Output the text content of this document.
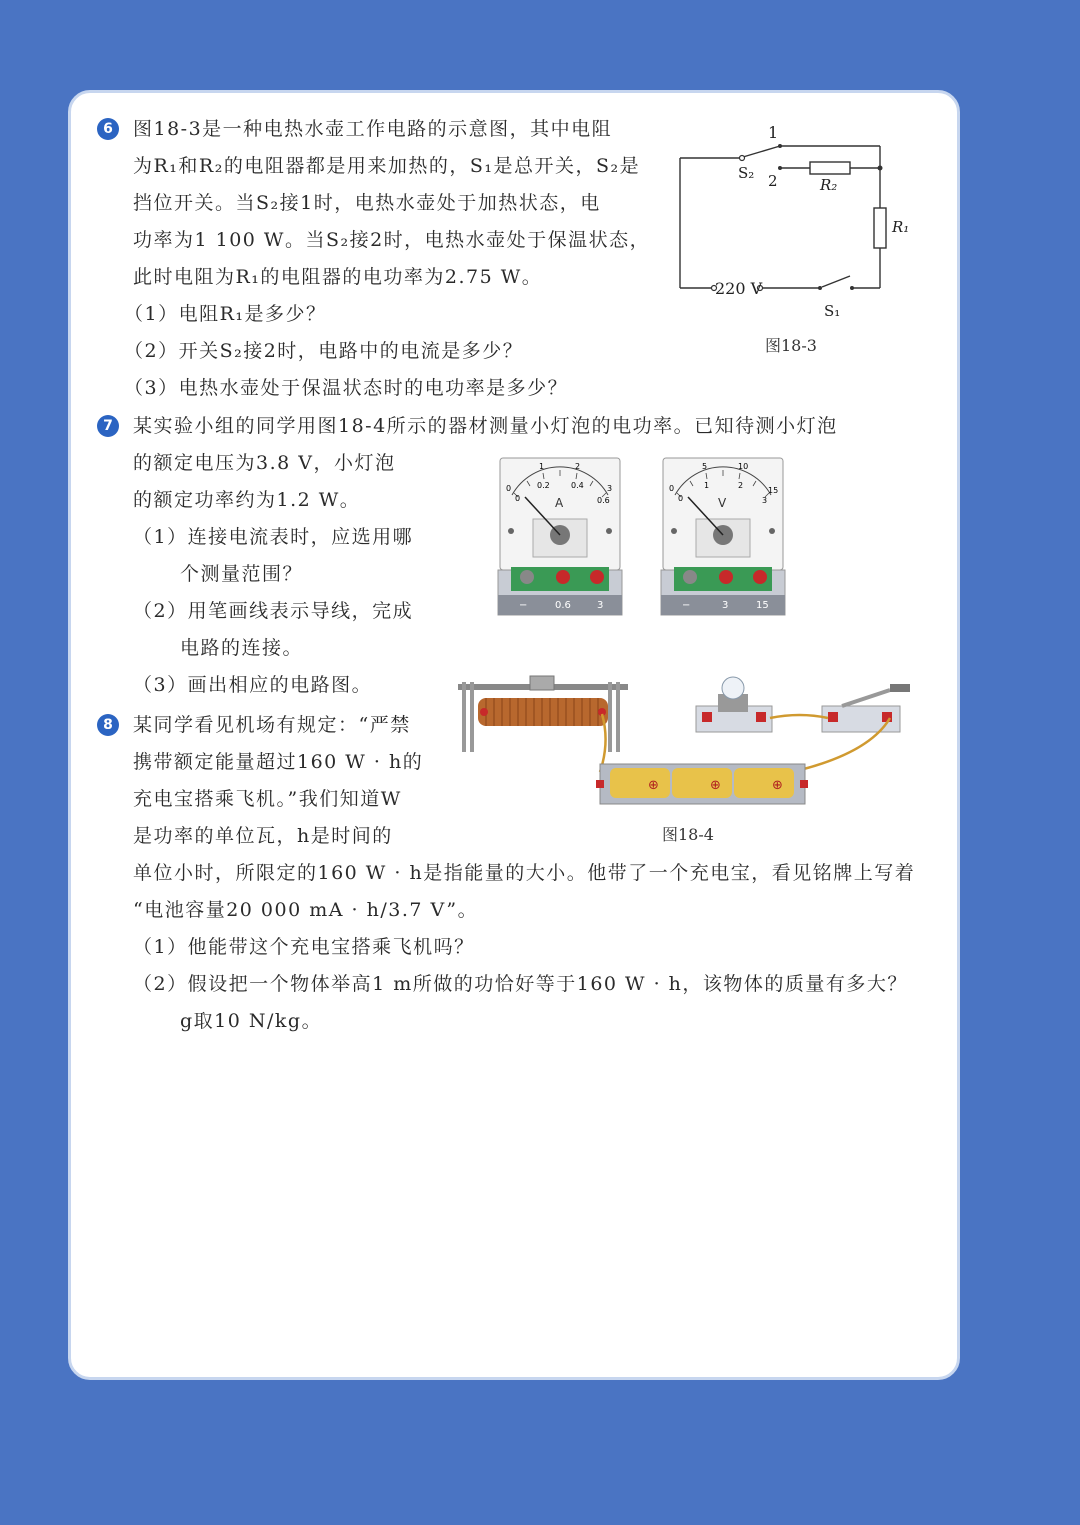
6	图18-3是一种电热水壶工作电路的示意图，其中电阻
为R₁和R₂的电阻器都是用来加热的，S₁是总开关，S₂是
挡位开关。当S₂接1时，电热水壶处于加热状态，电
功率为1 100 W。当S₂接2时，电热水壶处于保温状态，
此时电阻为R₁的电阻器的电功率为2.75 W。
（1）电阻R₁是多少？
（2）开关S₂接2时，电路中的电流是多少？
（3）电热水壶处于保温状态时的电功率是多少？
1
S₂ 2	R₂
R₁
220 V
S₁
图18-3
7	某实验小组的同学用图18-4所示的器材测量小灯泡的电功率。已知待测小灯泡
的额定电压为3.8 V，小灯泡
的额定功率约为1.2 W。
（1）连接电流表时，应选用哪
个测量范围？
（2）用笔画线表示导线，完成
电路的连接。
（3）画出相应的电路图。
1	2
0.2	0.4
0
0.6
0
3
A
−	0.6	3
5	10
1	2
0	15
0	3
V
−	3	15
⊕	⊕	⊕
图18-4
8	某同学看见机场有规定：“严禁
携带额定能量超过160 W · h的
充电宝搭乘飞机。”我们知道W
是功率的单位瓦，h是时间的
单位小时，所限定的160 W · h是指能量的大小。他带了一个充电宝，看见铭牌上写着
“电池容量20 000 mA · h/3.7 V”。
（1）他能带这个充电宝搭乘飞机吗？
（2）假设把一个物体举高1 m所做的功恰好等于160 W · h，该物体的质量有多大？
g取10 N/kg。
